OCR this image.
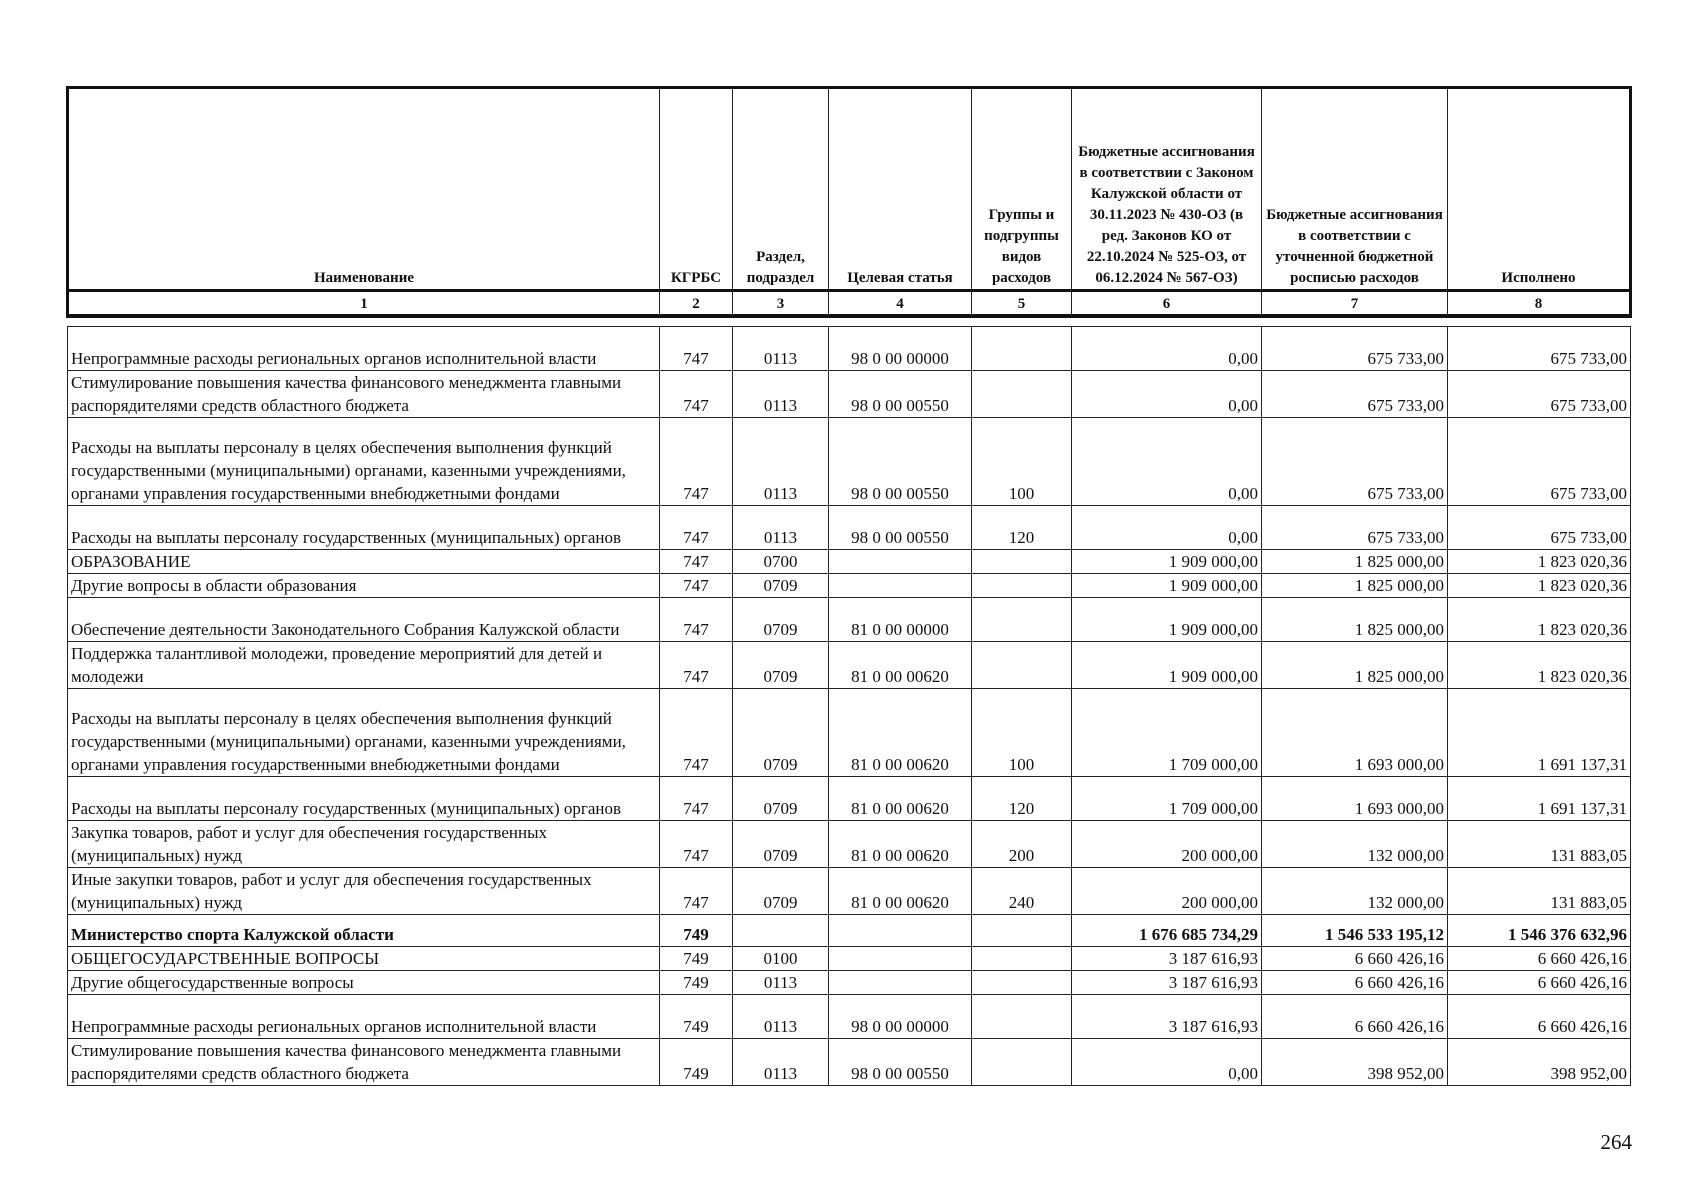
Наименование	КГРБС	Раздел, подраздел	Целевая статья	Группы и подгруппы видов расходов	Бюджетные ассигнования в соответствии с Законом Калужской области от 30.11.2023 № 430-ОЗ (в ред. Законов КО от 22.10.2024 № 525-ОЗ, от 06.12.2024 № 567-ОЗ)	Бюджетные ассигнования в соответствии с уточненной бюджетной росписью расходов	Исполнено
1	2	3	4	5	6	7	8

Непрограммные расходы региональных органов исполнительной власти	747	0113	98 0 00 00000		0,00	675 733,00	675 733,00
Стимулирование повышения качества финансового менеджмента главными распорядителями средств областного бюджета	747	0113	98 0 00 00550		0,00	675 733,00	675 733,00
Расходы на выплаты персоналу в целях обеспечения выполнения функций государственными (муниципальными) органами, казенными учреждениями, органами управления государственными внебюджетными фондами	747	0113	98 0 00 00550	100	0,00	675 733,00	675 733,00
Расходы на выплаты персоналу государственных (муниципальных) органов	747	0113	98 0 00 00550	120	0,00	675 733,00	675 733,00
ОБРАЗОВАНИЕ	747	0700			1 909 000,00	1 825 000,00	1 823 020,36
Другие вопросы в области образования	747	0709			1 909 000,00	1 825 000,00	1 823 020,36
Обеспечение деятельности Законодательного Собрания Калужской области	747	0709	81 0 00 00000		1 909 000,00	1 825 000,00	1 823 020,36
Поддержка талантливой молодежи, проведение мероприятий для детей и молодежи	747	0709	81 0 00 00620		1 909 000,00	1 825 000,00	1 823 020,36
Расходы на выплаты персоналу в целях обеспечения выполнения функций государственными (муниципальными) органами, казенными учреждениями, органами управления государственными внебюджетными фондами	747	0709	81 0 00 00620	100	1 709 000,00	1 693 000,00	1 691 137,31
Расходы на выплаты персоналу государственных (муниципальных) органов	747	0709	81 0 00 00620	120	1 709 000,00	1 693 000,00	1 691 137,31
Закупка товаров, работ и услуг для обеспечения государственных (муниципальных) нужд	747	0709	81 0 00 00620	200	200 000,00	132 000,00	131 883,05
Иные закупки товаров, работ и услуг для обеспечения государственных (муниципальных) нужд	747	0709	81 0 00 00620	240	200 000,00	132 000,00	131 883,05
Министерство спорта Калужской области	749				1 676 685 734,29	1 546 533 195,12	1 546 376 632,96
ОБЩЕГОСУДАРСТВЕННЫЕ ВОПРОСЫ	749	0100			3 187 616,93	6 660 426,16	6 660 426,16
Другие общегосударственные вопросы	749	0113			3 187 616,93	6 660 426,16	6 660 426,16
Непрограммные расходы региональных органов исполнительной власти	749	0113	98 0 00 00000		3 187 616,93	6 660 426,16	6 660 426,16
Стимулирование повышения качества финансового менеджмента главными распорядителями средств областного бюджета	749	0113	98 0 00 00550		0,00	398 952,00	398 952,00
264
